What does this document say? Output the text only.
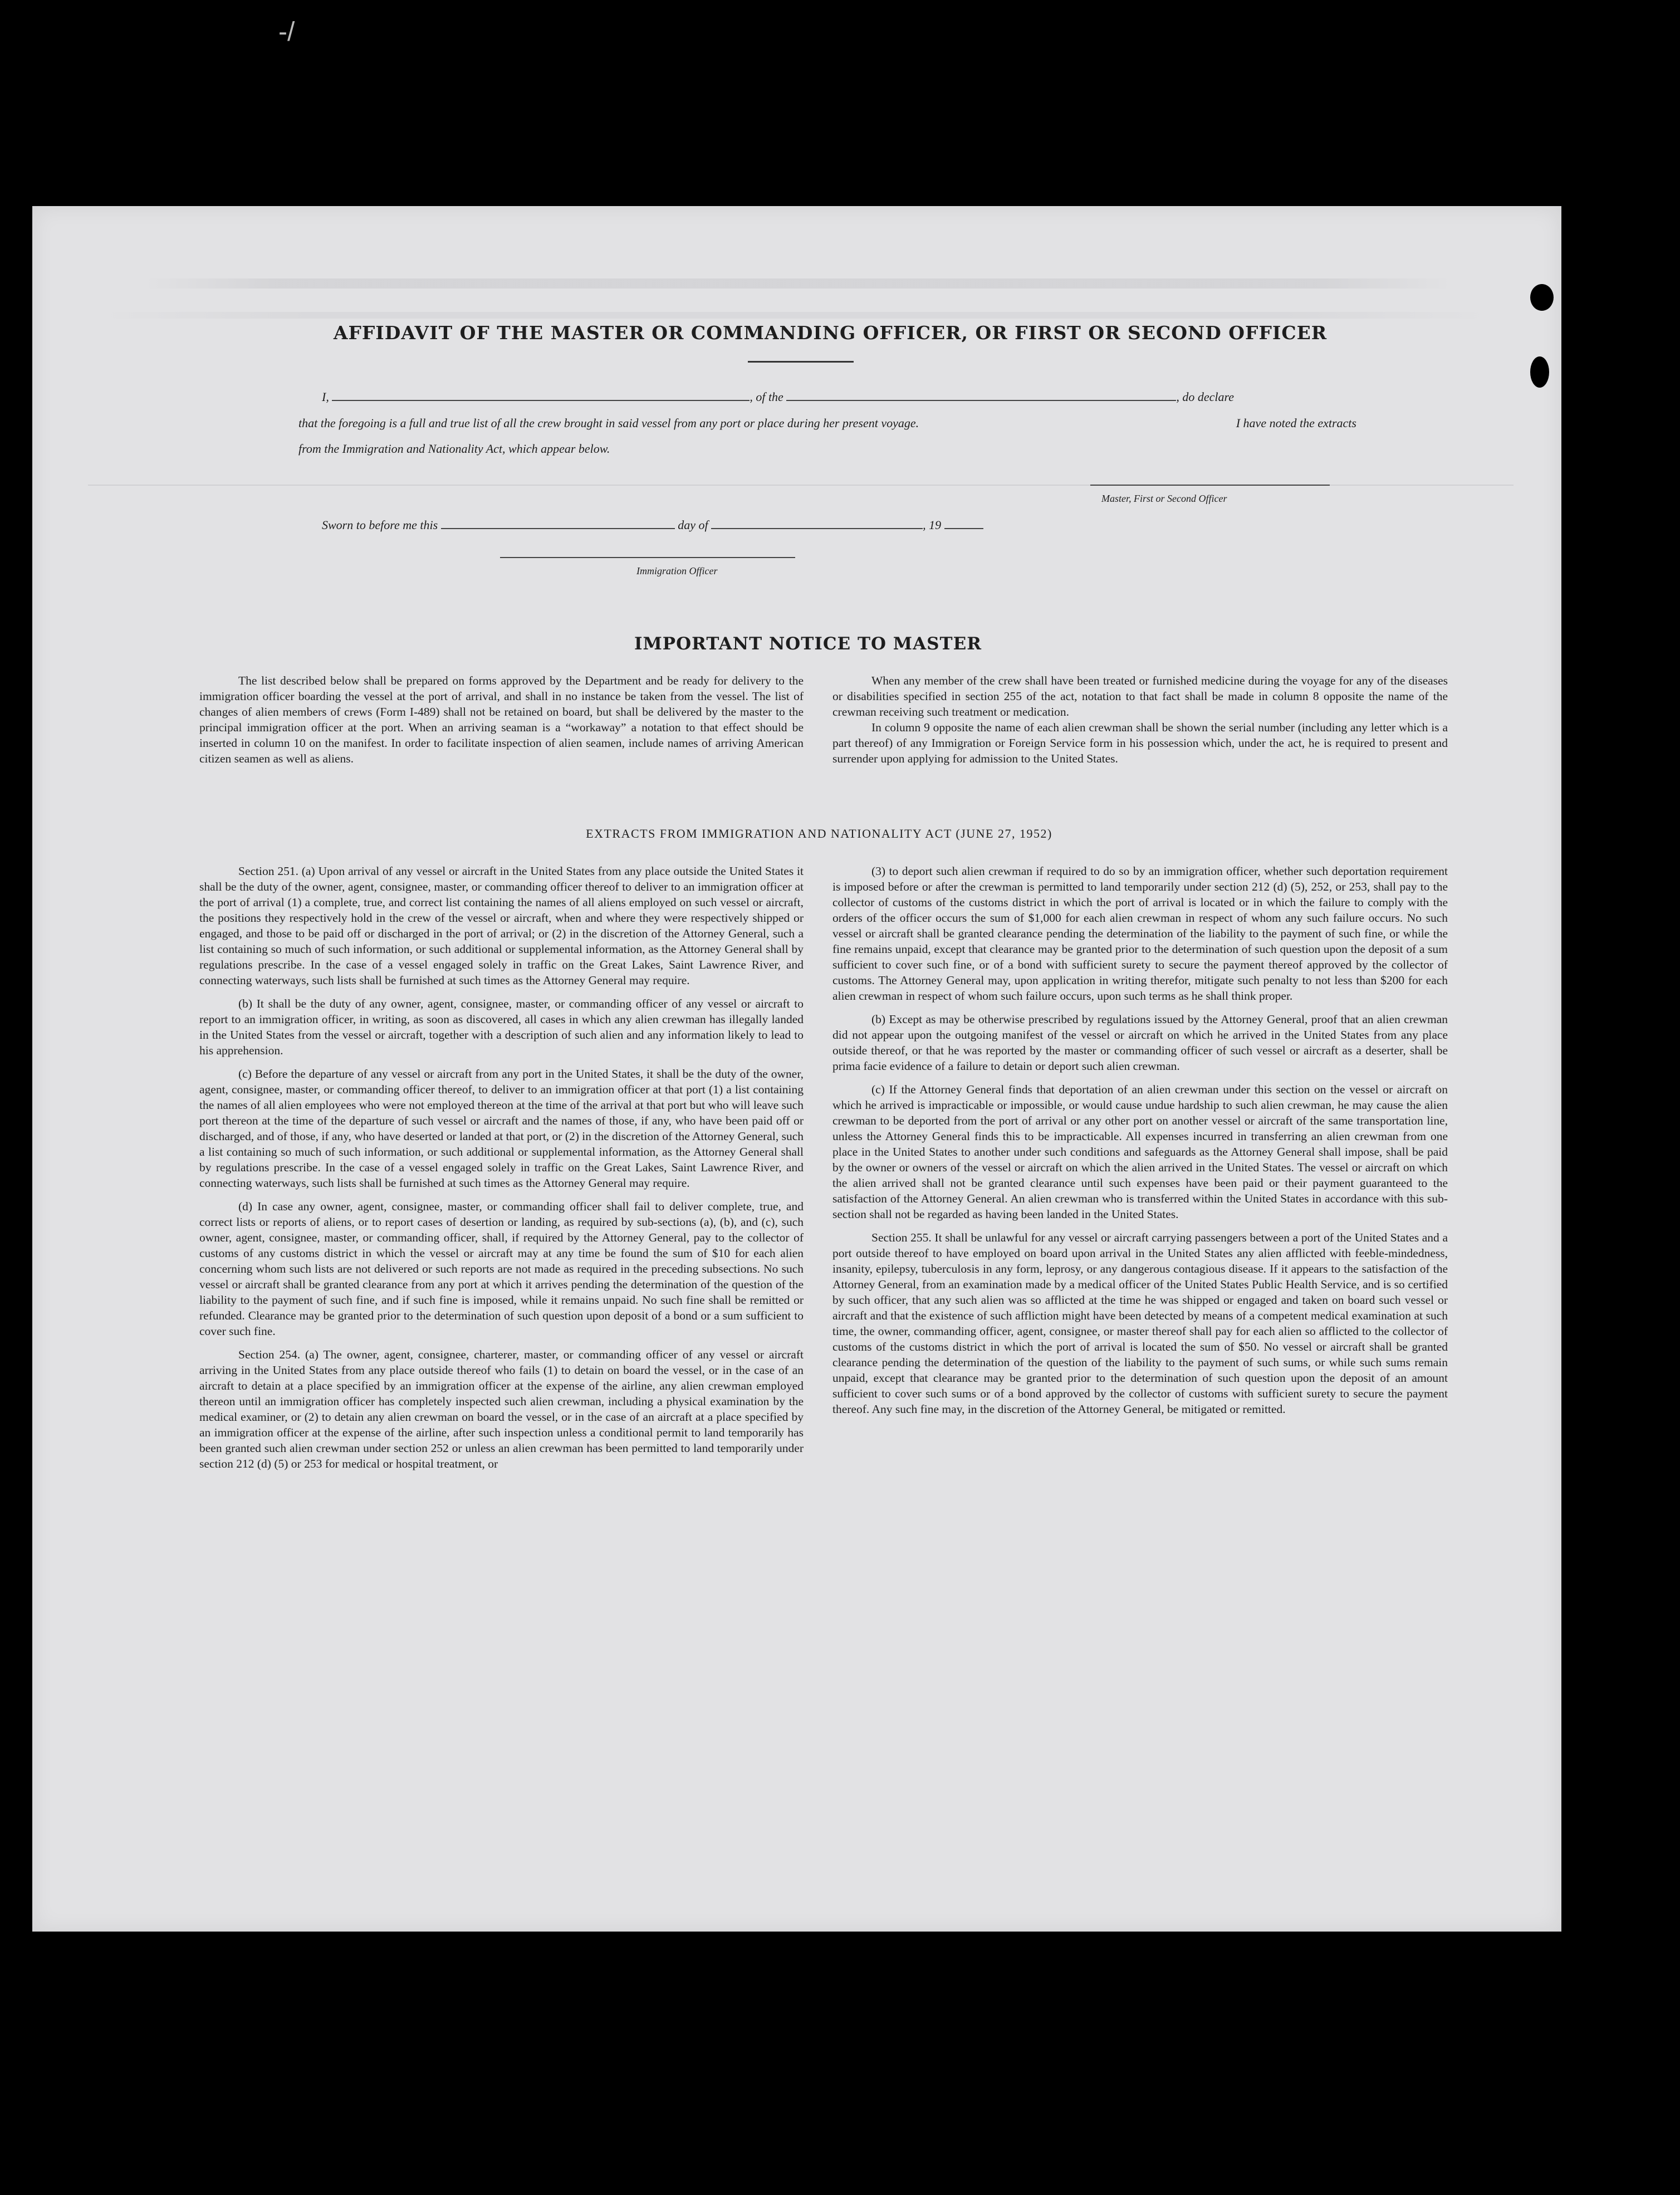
-/
AFFIDAVIT OF THE MASTER OR COMMANDING OFFICER, OR FIRST OR SECOND OFFICER
I,	, of the	, do declare
that the foregoing is a full and true list of all the crew brought in said vessel from any port or place during her present voyage.	I have noted the extracts
from the Immigration and Nationality Act, which appear below.
Master, First or Second Officer
Sworn to before me this	day of	, 19
Immigration Officer
IMPORTANT NOTICE TO MASTER

The list described below shall be prepared on forms approved by the Department and be ready for delivery to the immigration officer boarding the vessel at the port of arrival, and shall in no instance be taken from the vessel. The list of changes of alien members of crews (Form I-489) shall not be retained on board, but shall be delivered by the master to the principal immigration officer at the port. When an arriving seaman is a “workaway” a notation to that effect should be inserted in column 10 on the manifest. In order to facilitate inspection of alien seamen, include names of arriving American citizen seamen as well as aliens.

When any member of the crew shall have been treated or furnished medicine during the voyage for any of the diseases or disabilities specified in section 255 of the act, notation to that fact shall be made in column 8 opposite the name of the crewman receiving such treatment or medication.

In column 9 opposite the name of each alien crewman shall be shown the serial number (including any letter which is a part thereof) of any Immigration or Foreign Service form in his possession which, under the act, he is required to present and surrender upon applying for admission to the United States.

EXTRACTS FROM IMMIGRATION AND NATIONALITY ACT (JUNE 27, 1952)

Section 251. (a) Upon arrival of any vessel or aircraft in the United States from any place outside the United States it shall be the duty of the owner, agent, consignee, master, or commanding officer thereof to deliver to an immigration officer at the port of arrival (1) a complete, true, and correct list containing the names of all aliens employed on such vessel or aircraft, the positions they respectively hold in the crew of the vessel or aircraft, when and where they were respectively shipped or engaged, and those to be paid off or discharged in the port of arrival; or (2) in the discretion of the Attorney General, such a list containing so much of such information, or such additional or supplemental information, as the Attorney General shall by regulations prescribe. In the case of a vessel engaged solely in traffic on the Great Lakes, Saint Lawrence River, and connecting waterways, such lists shall be furnished at such times as the Attorney General may require.

(b) It shall be the duty of any owner, agent, consignee, master, or commanding officer of any vessel or aircraft to report to an immigration officer, in writing, as soon as discovered, all cases in which any alien crewman has illegally landed in the United States from the vessel or aircraft, together with a description of such alien and any information likely to lead to his apprehension.

(c) Before the departure of any vessel or aircraft from any port in the United States, it shall be the duty of the owner, agent, consignee, master, or commanding officer thereof, to deliver to an immigration officer at that port (1) a list containing the names of all alien employees who were not employed thereon at the time of the arrival at that port but who will leave such port thereon at the time of the departure of such vessel or aircraft and the names of those, if any, who have been paid off or discharged, and of those, if any, who have deserted or landed at that port, or (2) in the discretion of the Attorney General, such a list containing so much of such information, or such additional or supplemental information, as the Attorney General shall by regulations prescribe. In the case of a vessel engaged solely in traffic on the Great Lakes, Saint Lawrence River, and connecting waterways, such lists shall be furnished at such times as the Attorney General may require.

(d) In case any owner, agent, consignee, master, or commanding officer shall fail to deliver complete, true, and correct lists or reports of aliens, or to report cases of desertion or landing, as required by sub-sections (a), (b), and (c), such owner, agent, consignee, master, or commanding officer, shall, if required by the Attorney General, pay to the collector of customs of any customs district in which the vessel or aircraft may at any time be found the sum of $10 for each alien concerning whom such lists are not delivered or such reports are not made as required in the preceding subsections. No such vessel or aircraft shall be granted clearance from any port at which it arrives pending the determination of the question of the liability to the payment of such fine, and if such fine is imposed, while it remains unpaid. No such fine shall be remitted or refunded. Clearance may be granted prior to the determination of such question upon deposit of a bond or a sum sufficient to cover such fine.

Section 254. (a) The owner, agent, consignee, charterer, master, or commanding officer of any vessel or aircraft arriving in the United States from any place outside thereof who fails (1) to detain on board the vessel, or in the case of an aircraft to detain at a place specified by an immigration officer at the expense of the airline, any alien crewman employed thereon until an immigration officer has completely inspected such alien crewman, including a physical examination by the medical examiner, or (2) to detain any alien crewman on board the vessel, or in the case of an aircraft at a place specified by an immigration officer at the expense of the airline, after such inspection unless a conditional permit to land temporarily has been granted such alien crewman under section 252 or unless an alien crewman has been permitted to land temporarily under section 212 (d) (5) or 253 for medical or hospital treatment, or

(3) to deport such alien crewman if required to do so by an immigration officer, whether such deportation requirement is imposed before or after the crewman is permitted to land temporarily under section 212 (d) (5), 252, or 253, shall pay to the collector of customs of the customs district in which the port of arrival is located or in which the failure to comply with the orders of the officer occurs the sum of $1,000 for each alien crewman in respect of whom any such failure occurs. No such vessel or aircraft shall be granted clearance pending the determination of the liability to the payment of such fine, or while the fine remains unpaid, except that clearance may be granted prior to the determination of such question upon the deposit of a sum sufficient to cover such fine, or of a bond with sufficient surety to secure the payment thereof approved by the collector of customs. The Attorney General may, upon application in writing therefor, mitigate such penalty to not less than $200 for each alien crewman in respect of whom such failure occurs, upon such terms as he shall think proper.

(b) Except as may be otherwise prescribed by regulations issued by the Attorney General, proof that an alien crewman did not appear upon the outgoing manifest of the vessel or aircraft on which he arrived in the United States from any place outside thereof, or that he was reported by the master or commanding officer of such vessel or aircraft as a deserter, shall be prima facie evidence of a failure to detain or deport such alien crewman.

(c) If the Attorney General finds that deportation of an alien crewman under this section on the vessel or aircraft on which he arrived is impracticable or impossible, or would cause undue hardship to such alien crewman, he may cause the alien crewman to be deported from the port of arrival or any other port on another vessel or aircraft of the same transportation line, unless the Attorney General finds this to be impracticable. All expenses incurred in transferring an alien crewman from one place in the United States to another under such conditions and safeguards as the Attorney General shall impose, shall be paid by the owner or owners of the vessel or aircraft on which the alien arrived in the United States. The vessel or aircraft on which the alien arrived shall not be granted clearance until such expenses have been paid or their payment guaranteed to the satisfaction of the Attorney General. An alien crewman who is transferred within the United States in accordance with this sub-section shall not be regarded as having been landed in the United States.

Section 255. It shall be unlawful for any vessel or aircraft carrying passengers between a port of the United States and a port outside thereof to have employed on board upon arrival in the United States any alien afflicted with feeble-mindedness, insanity, epilepsy, tuberculosis in any form, leprosy, or any dangerous contagious disease. If it appears to the satisfaction of the Attorney General, from an examination made by a medical officer of the United States Public Health Service, and is so certified by such officer, that any such alien was so afflicted at the time he was shipped or engaged and taken on board such vessel or aircraft and that the existence of such affliction might have been detected by means of a competent medical examination at such time, the owner, commanding officer, agent, consignee, or master thereof shall pay for each alien so afflicted to the collector of customs of the customs district in which the port of arrival is located the sum of $50. No vessel or aircraft shall be granted clearance pending the determination of the question of the liability to the payment of such sums, or while such sums remain unpaid, except that clearance may be granted prior to the determination of such question upon the deposit of an amount sufficient to cover such sums or of a bond approved by the collector of customs with sufficient surety to secure the payment thereof. Any such fine may, in the discretion of the Attorney General, be mitigated or remitted.
